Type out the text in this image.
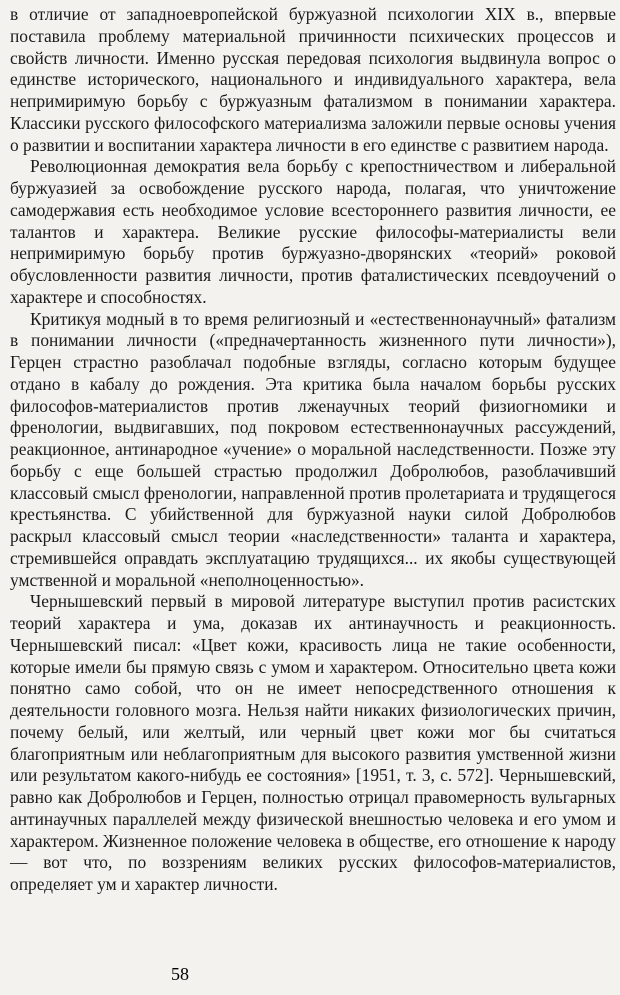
в отличие от западноевропейской буржуазной психологии XIX в., впервые поставила проблему материальной причинности психических процессов и свойств личности. Именно русская передовая психология выдвинула вопрос о единстве исторического, национального и индивидуального характера, вела непримиримую борьбу с буржуазным фатализмом в понимании характера. Классики русского философского материализма заложили первые основы учения о развитии и воспитании характера личности в его единстве с развитием народа.

Революционная демократия вела борьбу с крепостничеством и либеральной буржуазией за освобождение русского народа, полагая, что уничтожение самодержавия есть необходимое условие всестороннего развития личности, ее талантов и характера. Великие русские философы-материалисты вели непримиримую борьбу против буржуазно-дворянских «теорий» роковой обусловленности развития личности, против фаталистических псевдоучений о характере и способностях.

Критикуя модный в то время религиозный и «естественнонаучный» фатализм в понимании личности («предначертанность жизненного пути личности»), Герцен страстно разоблачал подобные взгляды, согласно которым будущее отдано в кабалу до рождения. Эта критика была началом борьбы русских философов-материалистов против лженаучных теорий физиогномики и френологии, выдвигавших, под покровом естественнонаучных рассуждений, реакционное, антинародное «учение» о моральной наследственности. Позже эту борьбу с еще большей страстью продолжил Добролюбов, разоблачивший классовый смысл френологии, направленной против пролетариата и трудящегося крестьянства. С убийственной для буржуазной науки силой Добролюбов раскрыл классовый смысл теории «наследственности» таланта и характера, стремившейся оправдать эксплуатацию трудящихся... их якобы существующей умственной и моральной «неполноценностью».

Чернышевский первый в мировой литературе выступил против расистских теорий характера и ума, доказав их антинаучность и реакционность. Чернышевский писал: «Цвет кожи, красивость лица не такие особенности, которые имели бы прямую связь с умом и характером. Относительно цвета кожи понятно само собой, что он не имеет непосредственного отношения к деятельности головного мозга. Нельзя найти никаких физиологических причин, почему белый, или желтый, или черный цвет кожи мог бы считаться благоприятным или неблагоприятным для высокого развития умственной жизни или результатом какого-нибудь ее состояния» [1951, т. 3, с. 572]. Чернышевский, равно как Добролюбов и Герцен, полностью отрицал правомерность вульгарных антинаучных параллелей между физической внешностью человека и его умом и характером. Жизненное положение человека в обществе, его отношение к народу — вот что, по воззрениям великих русских философов-материалистов, определяет ум и характер личности.

58
